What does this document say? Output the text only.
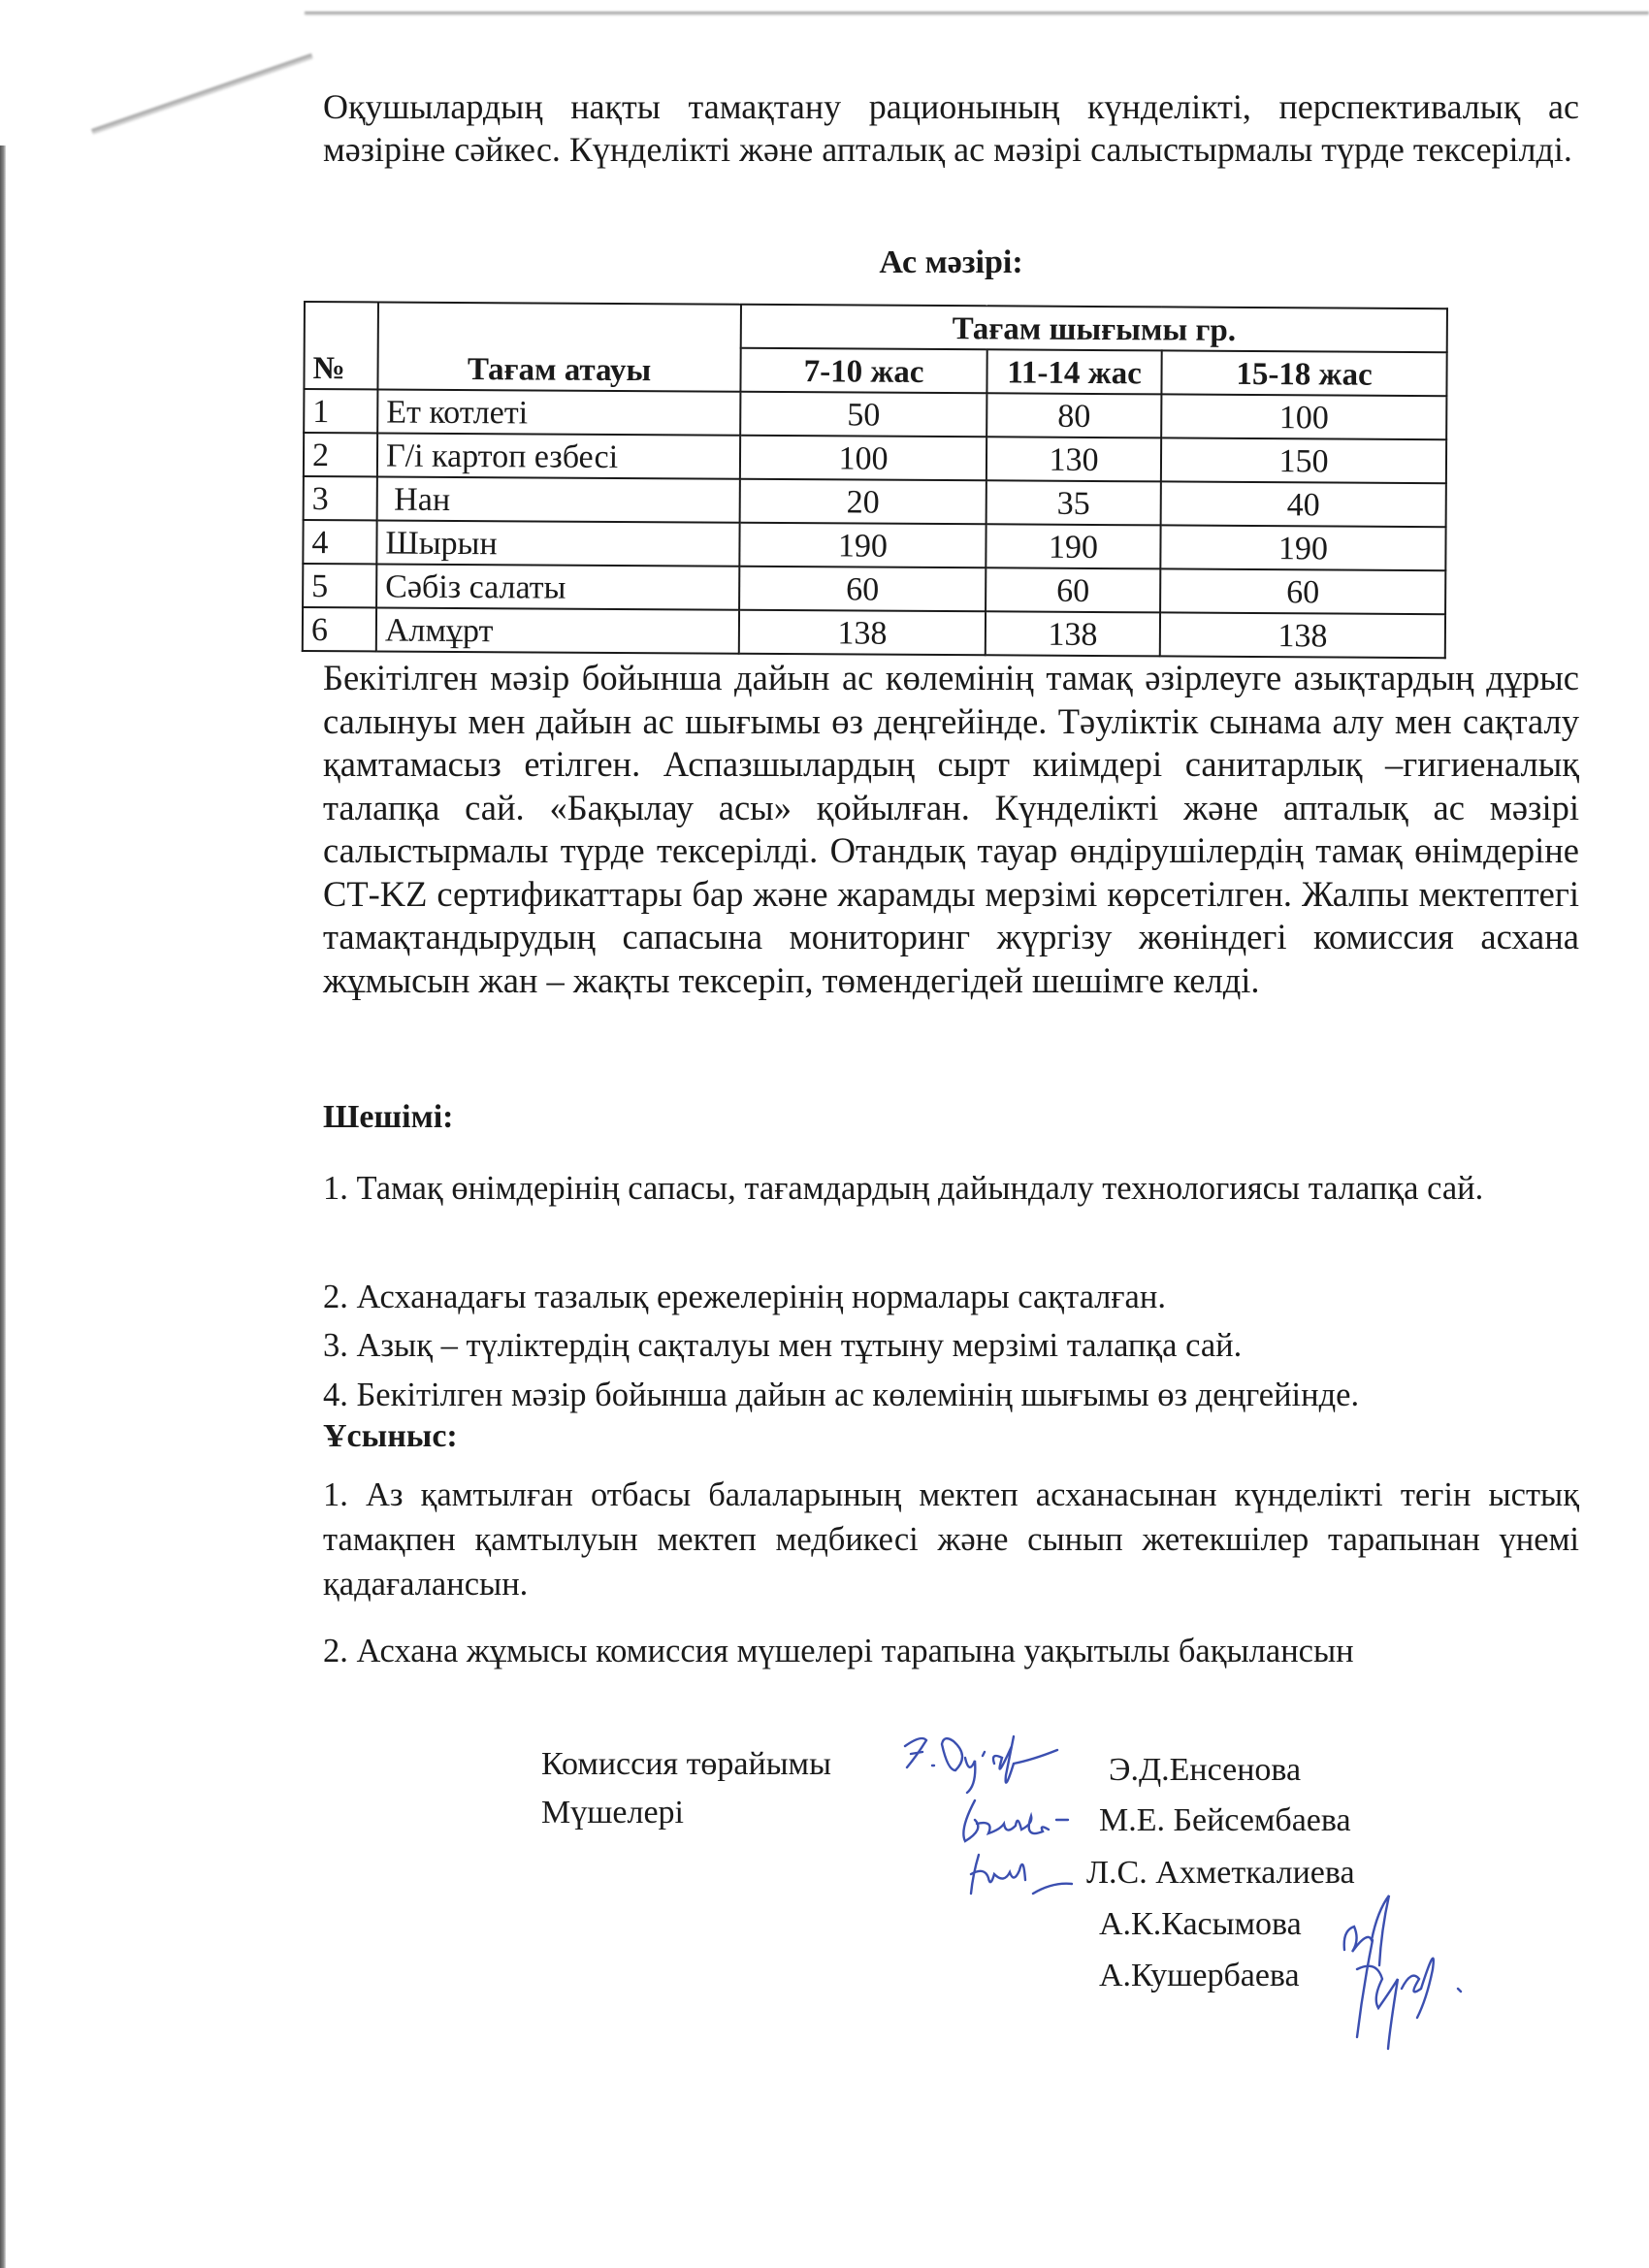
Оқушылардың нақты тамақтану рационының күнделікті, перспективалық ас мәзіріне сәйкес. Күнделікті және апталық ас мәзірі салыстырмалы түрде тексерілді.
Ас мәзірі:
№	Тағам атауы	Тағам шығымы гр.		
		7-10 жас	11-14 жас	15-18 жас
1	Ет котлеті	50	80	100
2	Г/і картоп езбесі	100	130	150
3	Нан	20	35	40
4	Шырын	190	190	190
5	Сәбіз салаты	60	60	60
6	Алмұрт	138	138	138
Бекітілген мәзір бойынша дайын ас көлемінің тамақ әзірлеуге азықтардың дұрыс салынуы мен дайын ас шығымы өз деңгейінде. Тәуліктік сынама алу мен сақталу қамтамасыз етілген. Аспазшылардың сырт киімдері санитарлық –гигиеналық талапқа сай. «Бақылау асы» қойылған. Күнделікті және апталық ас мәзірі салыстырмалы түрде тексерілді. Отандық тауар өндірушілердің тамақ өнімдеріне СТ-KZ сертификаттары бар және жарамды мерзімі көрсетілген. Жалпы мектептегі тамақтандырудың сапасына мониторинг жүргізу жөніндегі комиссия асхана жұмысын жан – жақты тексеріп, төмендегідей шешімге келді.
Шешімі:
1. Тамақ өнімдерінің сапасы, тағамдардың дайындалу технологиясы талапқа сай.
2. Асханадағы тазалық ережелерінің нормалары сақталған.
3. Азық – түліктердің сақталуы мен тұтыну мерзімі талапқа сай.
4. Бекітілген мәзір бойынша дайын ас көлемінің шығымы өз деңгейінде.
Ұсыныс:
1. Аз қамтылған отбасы балаларының мектеп асханасынан күнделікті тегін ыстық тамақпен қамтылуын мектеп медбикесі және сынып жетекшілер тарапынан үнемі қадағалансын.
2. Асхана жұмысы комиссия мүшелері тарапына уақытылы бақылансын
Комиссия төрайымы
Мүшелері
Э.Д.Енсенова
М.Е. Бейсембаева
Л.С. Ахметкалиева
А.К.Касымова
А.Кушербаева
